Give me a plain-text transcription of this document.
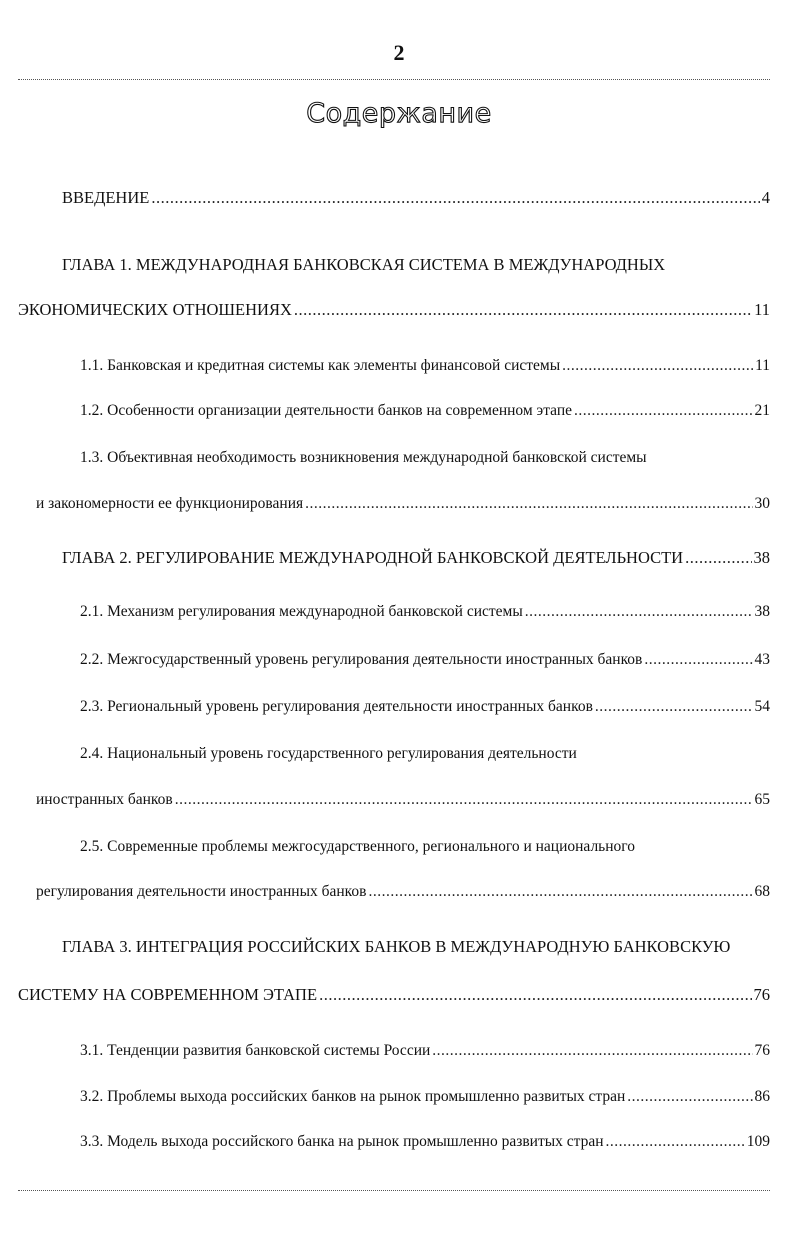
2
Содержание
ВВЕДЕНИЕ .....	4
ГЛАВА 1. МЕЖДУНАРОДНАЯ БАНКОВСКАЯ СИСТЕМА В МЕЖДУНАРОДНЫХ
ЭКОНОМИЧЕСКИХ ОТНОШЕНИЯХ .....	11
1.1. Банковская и кредитная системы как элементы финансовой системы .....	11
1.2. Особенности организации деятельности банков на современном этапе .....	21
1.3. Объективная необходимость возникновения международной банковской системы
и закономерности ее функционирования .....	30
ГЛАВА 2. РЕГУЛИРОВАНИЕ МЕЖДУНАРОДНОЙ БАНКОВСКОЙ ДЕЯТЕЛЬНОСТИ .....	38
2.1. Механизм регулирования международной банковской системы .....	38
2.2. Межгосударственный уровень регулирования деятельности иностранных банков .....	43
2.3. Региональный уровень регулирования деятельности иностранных банков .....	54
2.4. Национальный уровень государственного регулирования деятельности
иностранных банков .....	65
2.5. Современные проблемы межгосударственного, регионального и национального
регулирования деятельности иностранных банков .....	68
ГЛАВА 3. ИНТЕГРАЦИЯ РОССИЙСКИХ БАНКОВ В МЕЖДУНАРОДНУЮ БАНКОВСКУЮ
СИСТЕМУ НА СОВРЕМЕННОМ ЭТАПЕ .....	76
3.1. Тенденции развития банковской системы России .....	76
3.2. Проблемы выхода российских банков на рынок промышленно развитых стран .....	86
3.3. Модель выхода российского банка на рынок промышленно развитых стран .....	109
